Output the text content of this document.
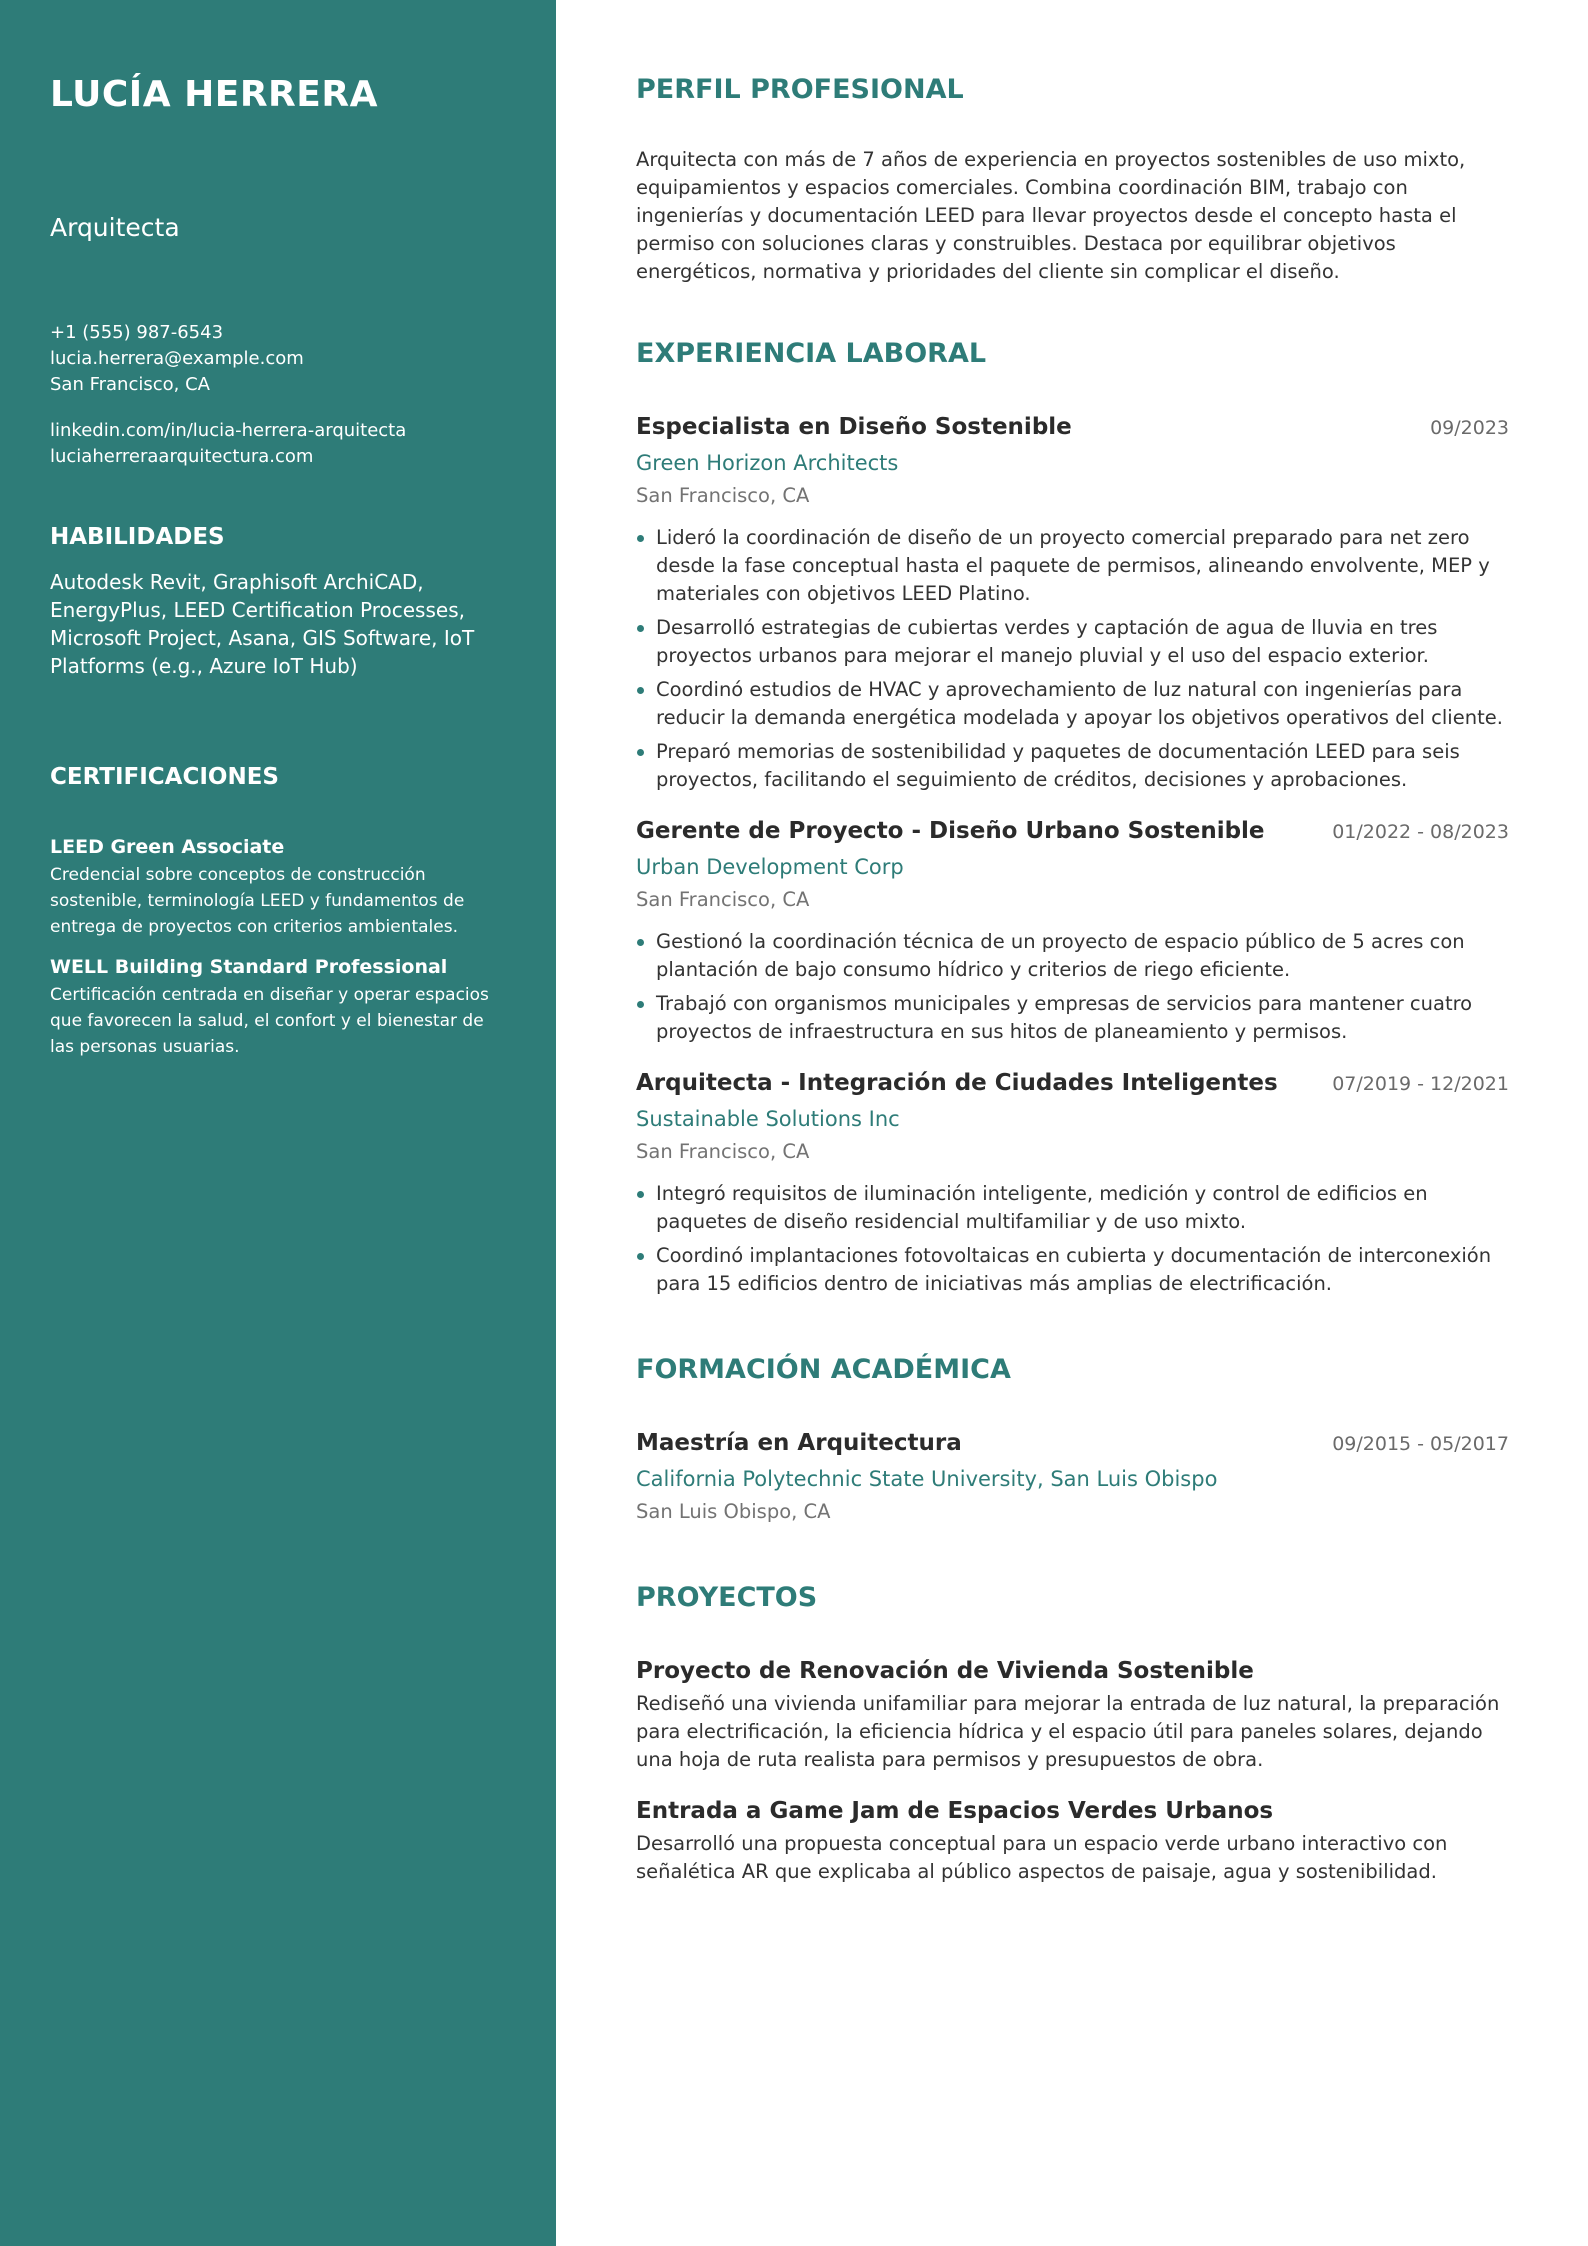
LUCÍA HERRERA
Arquitecta
+1 (555) 987-6543
lucia.herrera@example.com
San Francisco, CA
linkedin.com/in/lucia-herrera-arquitecta
luciaherreraarquitectura.com
HABILIDADES

Autodesk Revit, Graphisoft ArchiCAD, EnergyPlus, LEED Certification Processes, Microsoft Project, Asana, GIS Software, IoT Platforms (e.g., Azure IoT Hub)

CERTIFICACIONES
LEED Green Associate
Credencial sobre conceptos de construcción sostenible, terminología LEED y fundamentos de entrega de proyectos con criterios ambientales.
WELL Building Standard Professional
Certificación centrada en diseñar y operar espacios que favorecen la salud, el confort y el bienestar de las personas usuarias.
PERFIL PROFESIONAL

Arquitecta con más de 7 años de experiencia en proyectos sostenibles de uso mixto, equipamientos y espacios comerciales. Combina coordinación BIM, trabajo con ingenierías y documentación LEED para llevar proyectos desde el concepto hasta el permiso con soluciones claras y construibles. Destaca por equilibrar objetivos energéticos, normativa y prioridades del cliente sin complicar el diseño.

EXPERIENCIA LABORAL
Especialista en Diseño Sostenible	09/2023
Green Horizon Architects
San Francisco, CA
Lideró la coordinación de diseño de un proyecto comercial preparado para net zero desde la fase conceptual hasta el paquete de permisos, alineando envolvente, MEP y materiales con objetivos LEED Platino.
Desarrolló estrategias de cubiertas verdes y captación de agua de lluvia en tres proyectos urbanos para mejorar el manejo pluvial y el uso del espacio exterior.
Coordinó estudios de HVAC y aprovechamiento de luz natural con ingenierías para reducir la demanda energética modelada y apoyar los objetivos operativos del cliente.
Preparó memorias de sostenibilidad y paquetes de documentación LEED para seis proyectos, facilitando el seguimiento de créditos, decisiones y aprobaciones.
Gerente de Proyecto - Diseño Urbano Sostenible	01/2022 - 08/2023
Urban Development Corp
San Francisco, CA
Gestionó la coordinación técnica de un proyecto de espacio público de 5 acres con plantación de bajo consumo hídrico y criterios de riego eficiente.
Trabajó con organismos municipales y empresas de servicios para mantener cuatro proyectos de infraestructura en sus hitos de planeamiento y permisos.
Arquitecta - Integración de Ciudades Inteligentes	07/2019 - 12/2021
Sustainable Solutions Inc
San Francisco, CA
Integró requisitos de iluminación inteligente, medición y control de edificios en paquetes de diseño residencial multifamiliar y de uso mixto.
Coordinó implantaciones fotovoltaicas en cubierta y documentación de interconexión para 15 edificios dentro de iniciativas más amplias de electrificación.
FORMACIÓN ACADÉMICA
Maestría en Arquitectura	09/2015 - 05/2017
California Polytechnic State University, San Luis Obispo
San Luis Obispo, CA
PROYECTOS
Proyecto de Renovación de Vivienda Sostenible

Rediseñó una vivienda unifamiliar para mejorar la entrada de luz natural, la preparación para electrificación, la eficiencia hídrica y el espacio útil para paneles solares, dejando una hoja de ruta realista para permisos y presupuestos de obra.

Entrada a Game Jam de Espacios Verdes Urbanos

Desarrolló una propuesta conceptual para un espacio verde urbano interactivo con señalética AR que explicaba al público aspectos de paisaje, agua y sostenibilidad.
